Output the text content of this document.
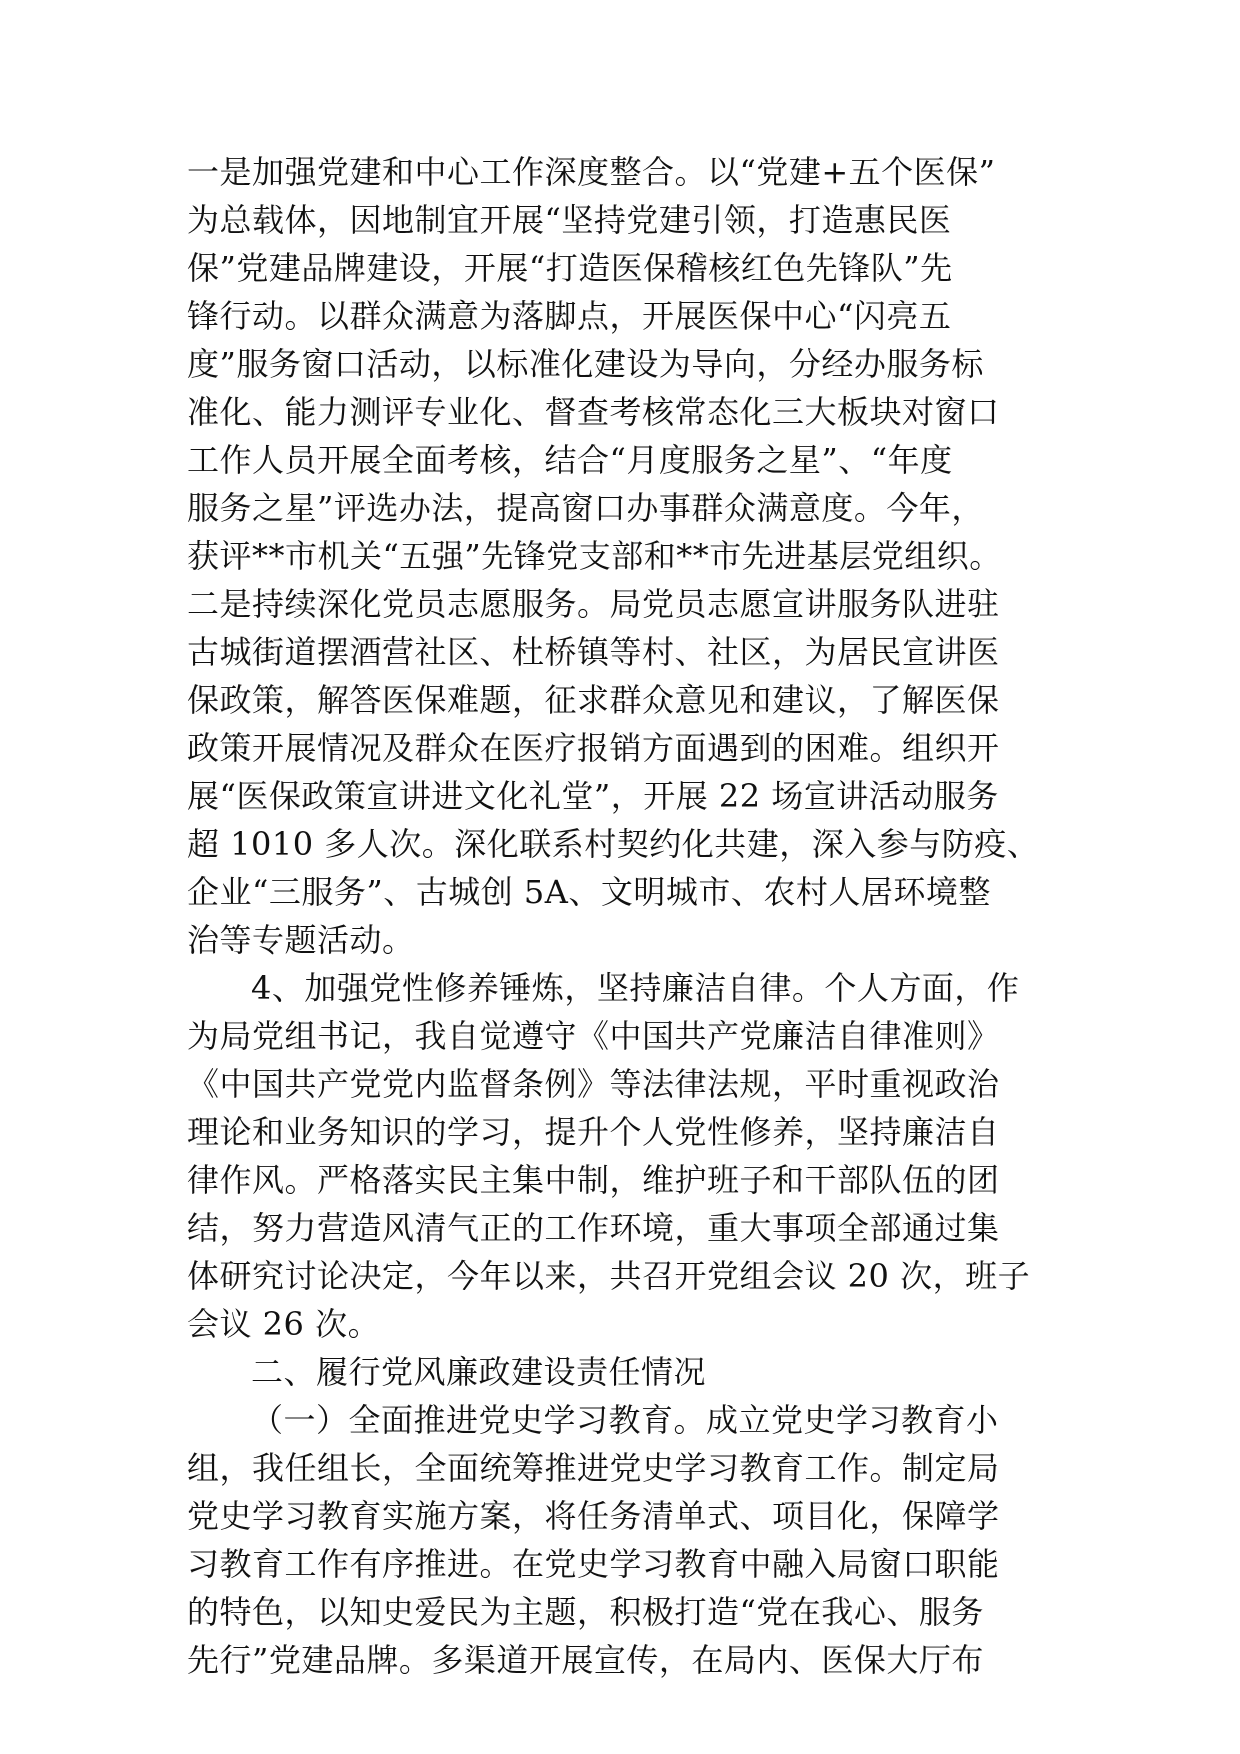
一是加强党建和中心工作深度整合。以“党建+五个医保”
为总载体，因地制宜开展“坚持党建引领，打造惠民医
保”党建品牌建设，开展“打造医保稽核红色先锋队”先
锋行动。以群众满意为落脚点，开展医保中心“闪亮五
度”服务窗口活动，以标准化建设为导向，分经办服务标
准化、能力测评专业化、督查考核常态化三大板块对窗口
工作人员开展全面考核，结合“月度服务之星”、“年度
服务之星”评选办法，提高窗口办事群众满意度。今年，
获评**市机关“五强”先锋党支部和**市先进基层党组织。
二是持续深化党员志愿服务。局党员志愿宣讲服务队进驻
古城街道摆酒营社区、杜桥镇等村、社区，为居民宣讲医
保政策，解答医保难题，征求群众意见和建议，了解医保
政策开展情况及群众在医疗报销方面遇到的困难。组织开
展“医保政策宣讲进文化礼堂”，开展 22 场宣讲活动服务
超 1010 多人次。深化联系村契约化共建，深入参与防疫、
企业“三服务”、古城创 5A、文明城市、农村人居环境整
治等专题活动。
4、加强党性修养锤炼，坚持廉洁自律。个人方面，作
为局党组书记，我自觉遵守《中国共产党廉洁自律准则》
《中国共产党党内监督条例》等法律法规，平时重视政治
理论和业务知识的学习，提升个人党性修养，坚持廉洁自
律作风。严格落实民主集中制，维护班子和干部队伍的团
结，努力营造风清气正的工作环境，重大事项全部通过集
体研究讨论决定，今年以来，共召开党组会议 20 次，班子
会议 26 次。
二、履行党风廉政建设责任情况
（一）全面推进党史学习教育。成立党史学习教育小
组，我任组长，全面统筹推进党史学习教育工作。制定局
党史学习教育实施方案，将任务清单式、项目化，保障学
习教育工作有序推进。在党史学习教育中融入局窗口职能
的特色，以知史爱民为主题，积极打造“党在我心、服务
先行”党建品牌。多渠道开展宣传，在局内、医保大厅布
